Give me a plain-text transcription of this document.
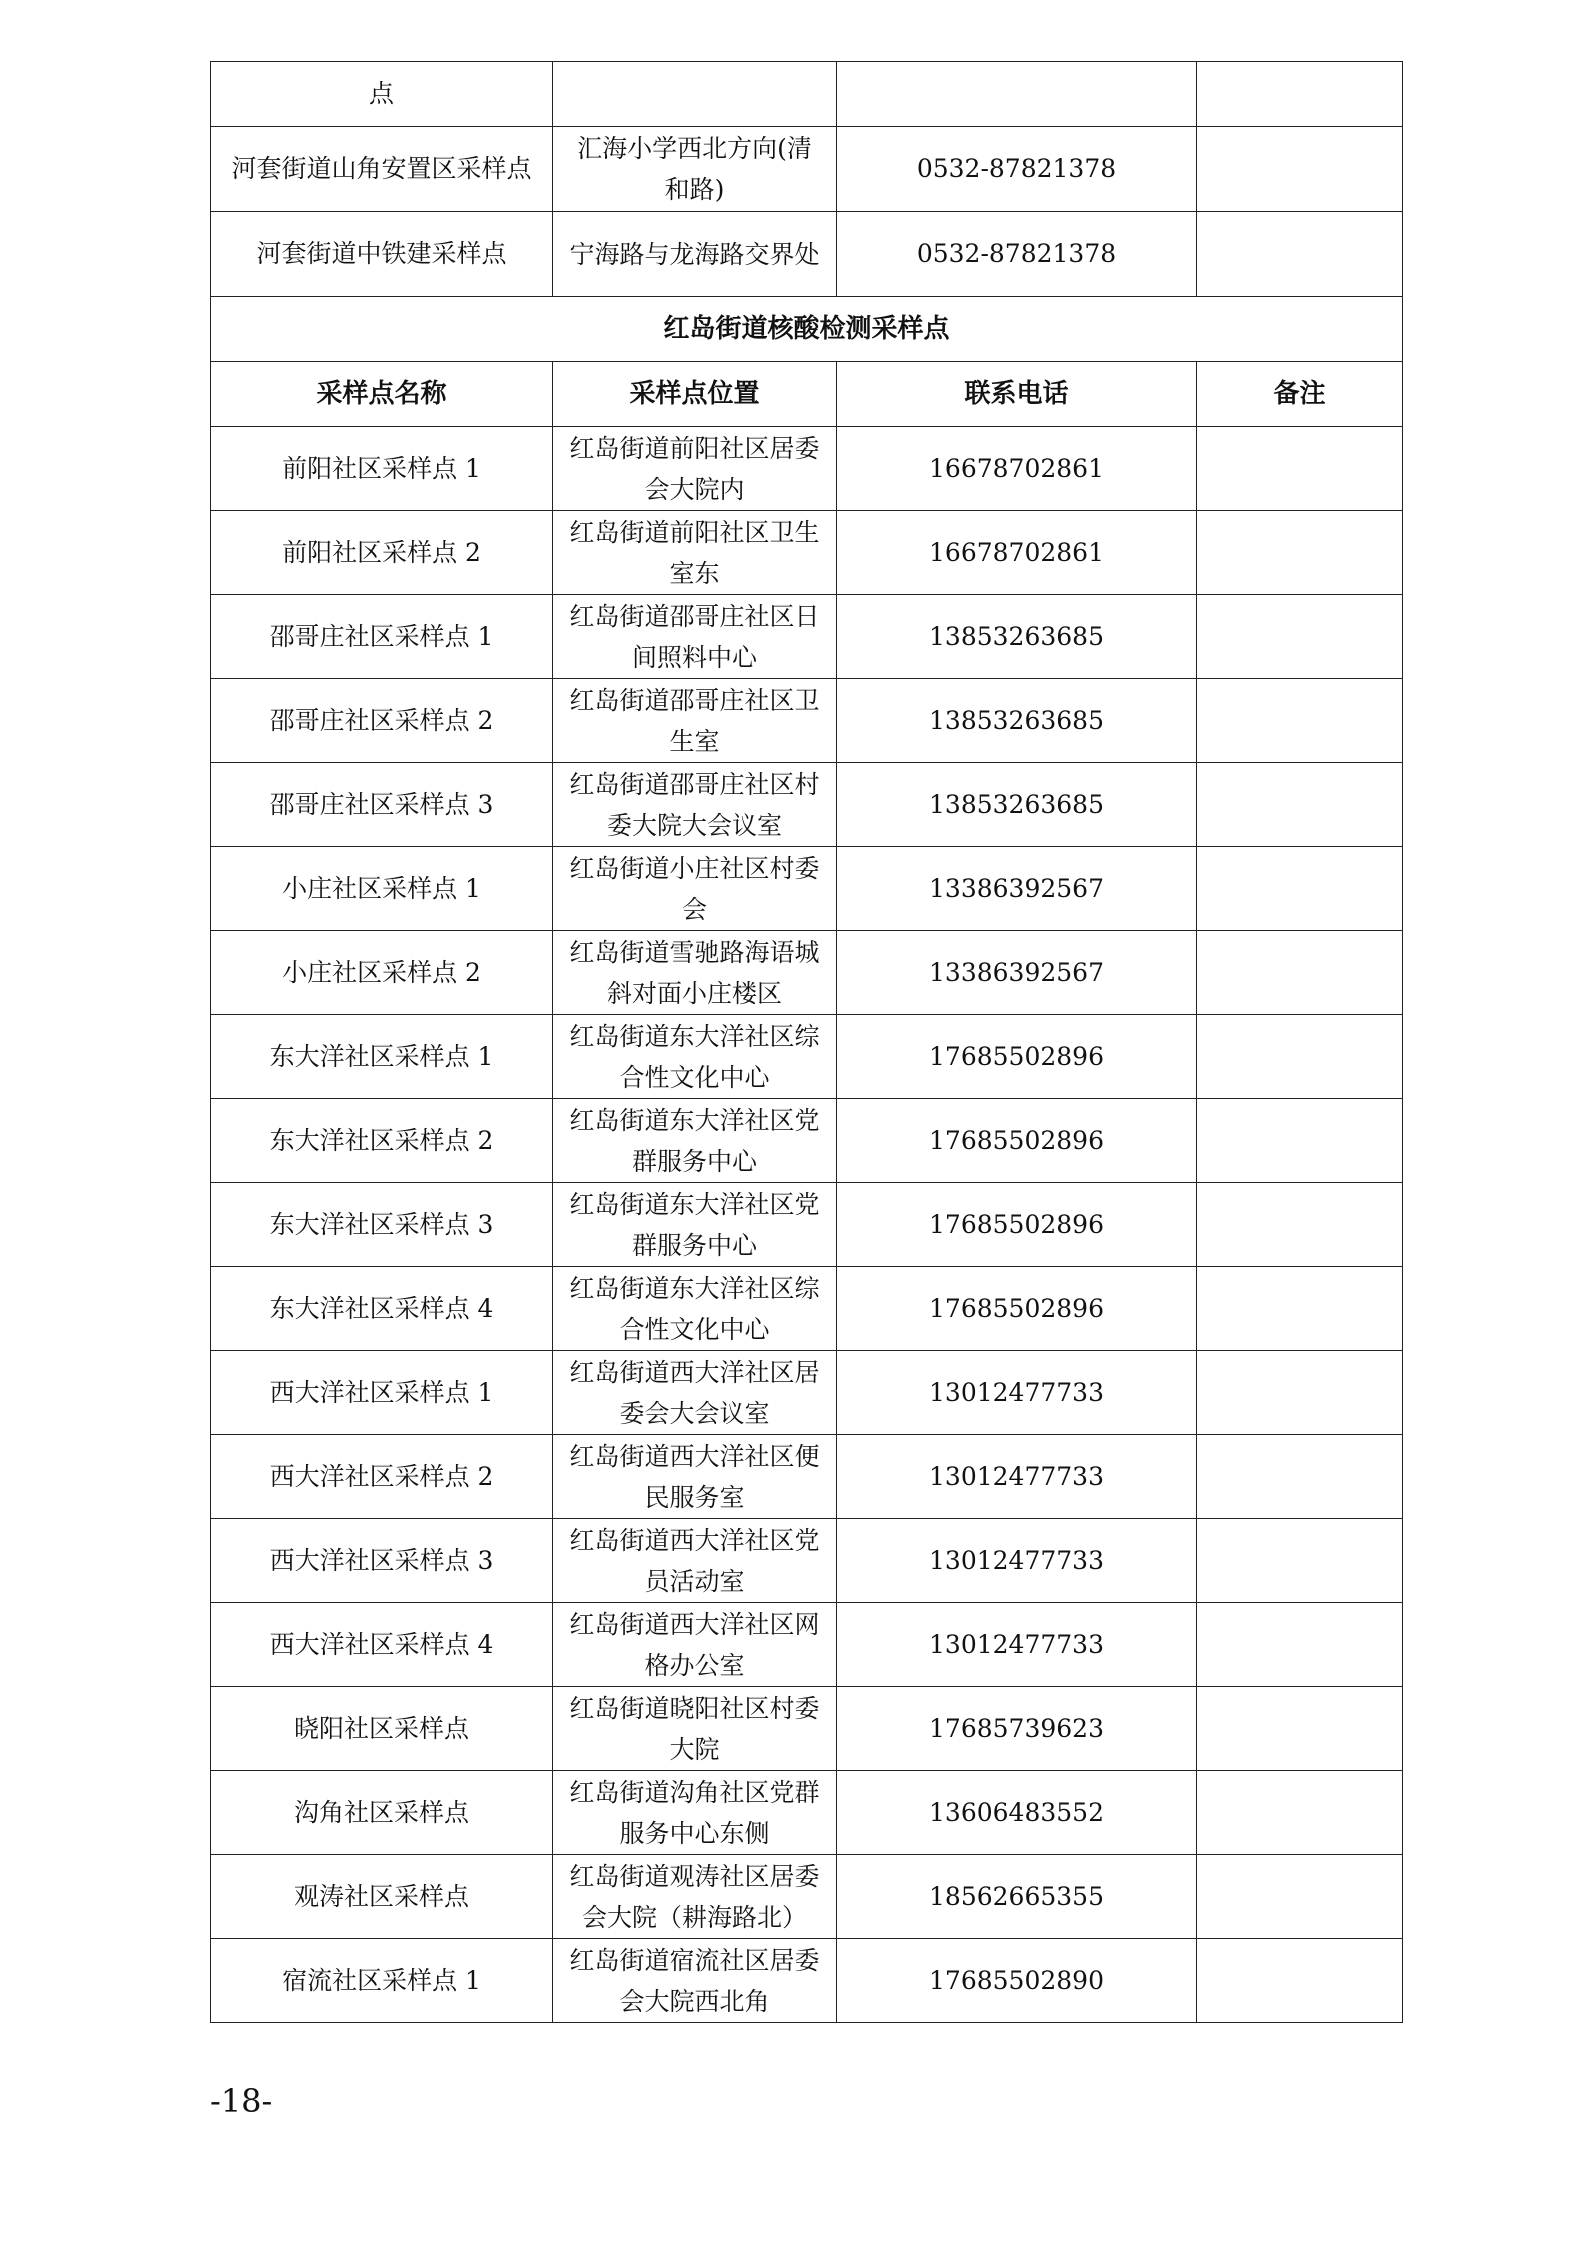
点			
河套街道山角安置区采样点	汇海小学西北方向(清和路)	0532-87821378	
河套街道中铁建采样点	宁海路与龙海路交界处	0532-87821378	
红岛街道核酸检测采样点			
采样点名称	采样点位置	联系电话	备注
前阳社区采样点 1	红岛街道前阳社区居委会大院内	16678702861	
前阳社区采样点 2	红岛街道前阳社区卫生室东	16678702861	
邵哥庄社区采样点 1	红岛街道邵哥庄社区日间照料中心	13853263685	
邵哥庄社区采样点 2	红岛街道邵哥庄社区卫生室	13853263685	
邵哥庄社区采样点 3	红岛街道邵哥庄社区村委大院大会议室	13853263685	
小庄社区采样点 1	红岛街道小庄社区村委会	13386392567	
小庄社区采样点 2	红岛街道雪驰路海语城斜对面小庄楼区	13386392567	
东大洋社区采样点 1	红岛街道东大洋社区综合性文化中心	17685502896	
东大洋社区采样点 2	红岛街道东大洋社区党群服务中心	17685502896	
东大洋社区采样点 3	红岛街道东大洋社区党群服务中心	17685502896	
东大洋社区采样点 4	红岛街道东大洋社区综合性文化中心	17685502896	
西大洋社区采样点 1	红岛街道西大洋社区居委会大会议室	13012477733	
西大洋社区采样点 2	红岛街道西大洋社区便民服务室	13012477733	
西大洋社区采样点 3	红岛街道西大洋社区党员活动室	13012477733	
西大洋社区采样点 4	红岛街道西大洋社区网格办公室	13012477733	
晓阳社区采样点	红岛街道晓阳社区村委大院	17685739623	
沟角社区采样点	红岛街道沟角社区党群服务中心东侧	13606483552	
观涛社区采样点	红岛街道观涛社区居委会大院（耕海路北）	18562665355	
宿流社区采样点 1	红岛街道宿流社区居委会大院西北角	17685502890	
-18-
